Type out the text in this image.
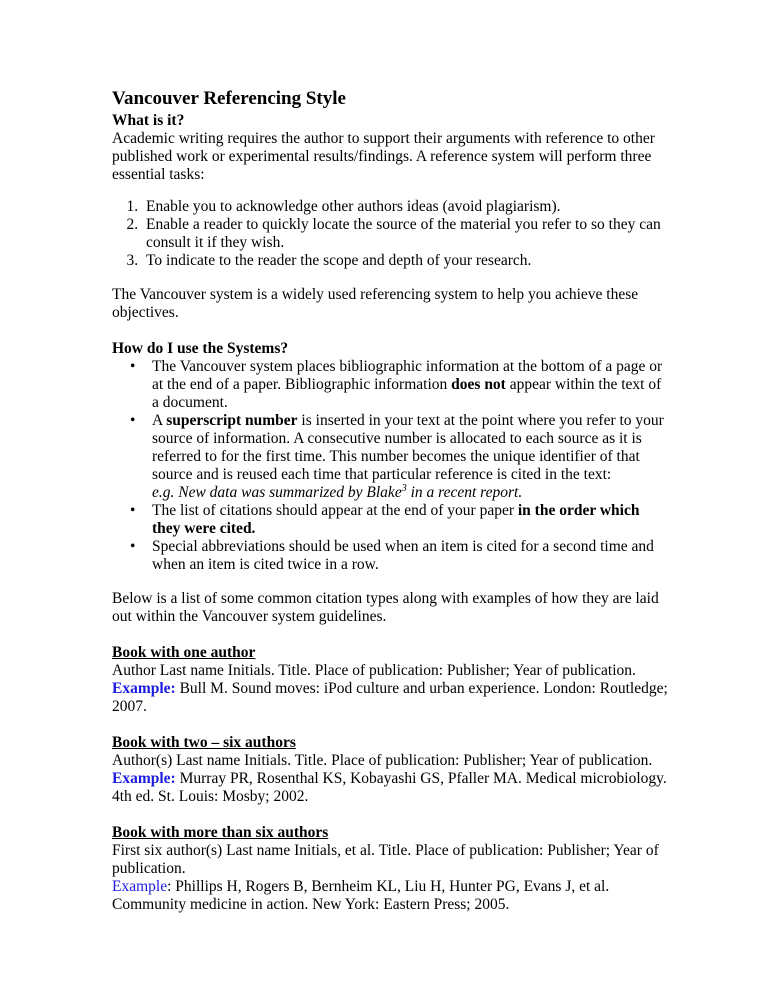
Vancouver Referencing Style

What is it?

Academic writing requires the author to support their arguments with reference to other published work or experimental results/findings. A reference system will perform three essential tasks:

1. Enable you to acknowledge other authors ideas (avoid plagiarism).
2. Enable a reader to quickly locate the source of the material you refer to so they can consult it if they wish.
3. To indicate to the reader the scope and depth of your research.

The Vancouver system is a widely used referencing system to help you achieve these objectives.

How do I use the Systems?

• The Vancouver system places bibliographic information at the bottom of a page or at the end of a paper. Bibliographic information does not appear within the text of a document.
• A superscript number is inserted in your text at the point where you refer to your source of information. A consecutive number is allocated to each source as it is referred to for the first time. This number becomes the unique identifier of that source and is reused each time that particular reference is cited in the text:
e.g. New data was summarized by Blake$^3$ in a recent report.
• The list of citations should appear at the end of your paper in the order which they were cited.
• Special abbreviations should be used when an item is cited for a second time and when an item is cited twice in a row.

Below is a list of some common citation types along with examples of how they are laid out within the Vancouver system guidelines.

Book with one author

Author Last name Initials. Title. Place of publication: Publisher; Year of publication.

Example: Bull M. Sound moves: iPod culture and urban experience. London: Routledge; 2007.

Book with two – six authors

Author(s) Last name Initials. Title. Place of publication: Publisher; Year of publication.

Example: Murray PR, Rosenthal KS, Kobayashi GS, Pfaller MA. Medical microbiology. 4th ed. St. Louis: Mosby; 2002.

Book with more than six authors

First six author(s) Last name Initials, et al. Title. Place of publication: Publisher; Year of publication.

Example: Phillips H, Rogers B, Bernheim KL, Liu H, Hunter PG, Evans J, et al. Community medicine in action. New York: Eastern Press; 2005.
